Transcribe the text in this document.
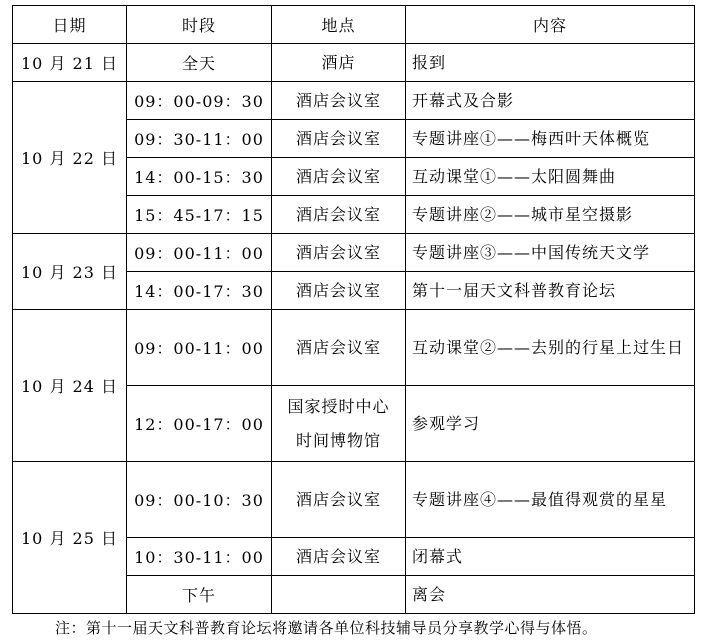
日期	时段	地点	内容
10 月 21 日	全天	酒店	报到
10 月 22 日	09：00-09：30	酒店会议室	开幕式及合影
	09：30-11：00	酒店会议室	专题讲座①——梅西叶天体概览
	14：00-15：30	酒店会议室	互动课堂①——太阳圆舞曲
	15：45-17：15	酒店会议室	专题讲座②——城市星空摄影
10 月 23 日	09：00-11：00	酒店会议室	专题讲座③——中国传统天文学
	14：00-17：30	酒店会议室	第十一届天文科普教育论坛
10 月 24 日	09：00-11：00	酒店会议室	互动课堂②——去别的行星上过生日
	12：00-17：00	国家授时中心时间博物馆	参观学习
10 月 25 日	09：00-10：30	酒店会议室	专题讲座④——最值得观赏的星星
	10：30-11：00	酒店会议室	闭幕式
	下午		离会
注：第十一届天文科普教育论坛将邀请各单位科技辅导员分享教学心得与体悟。
